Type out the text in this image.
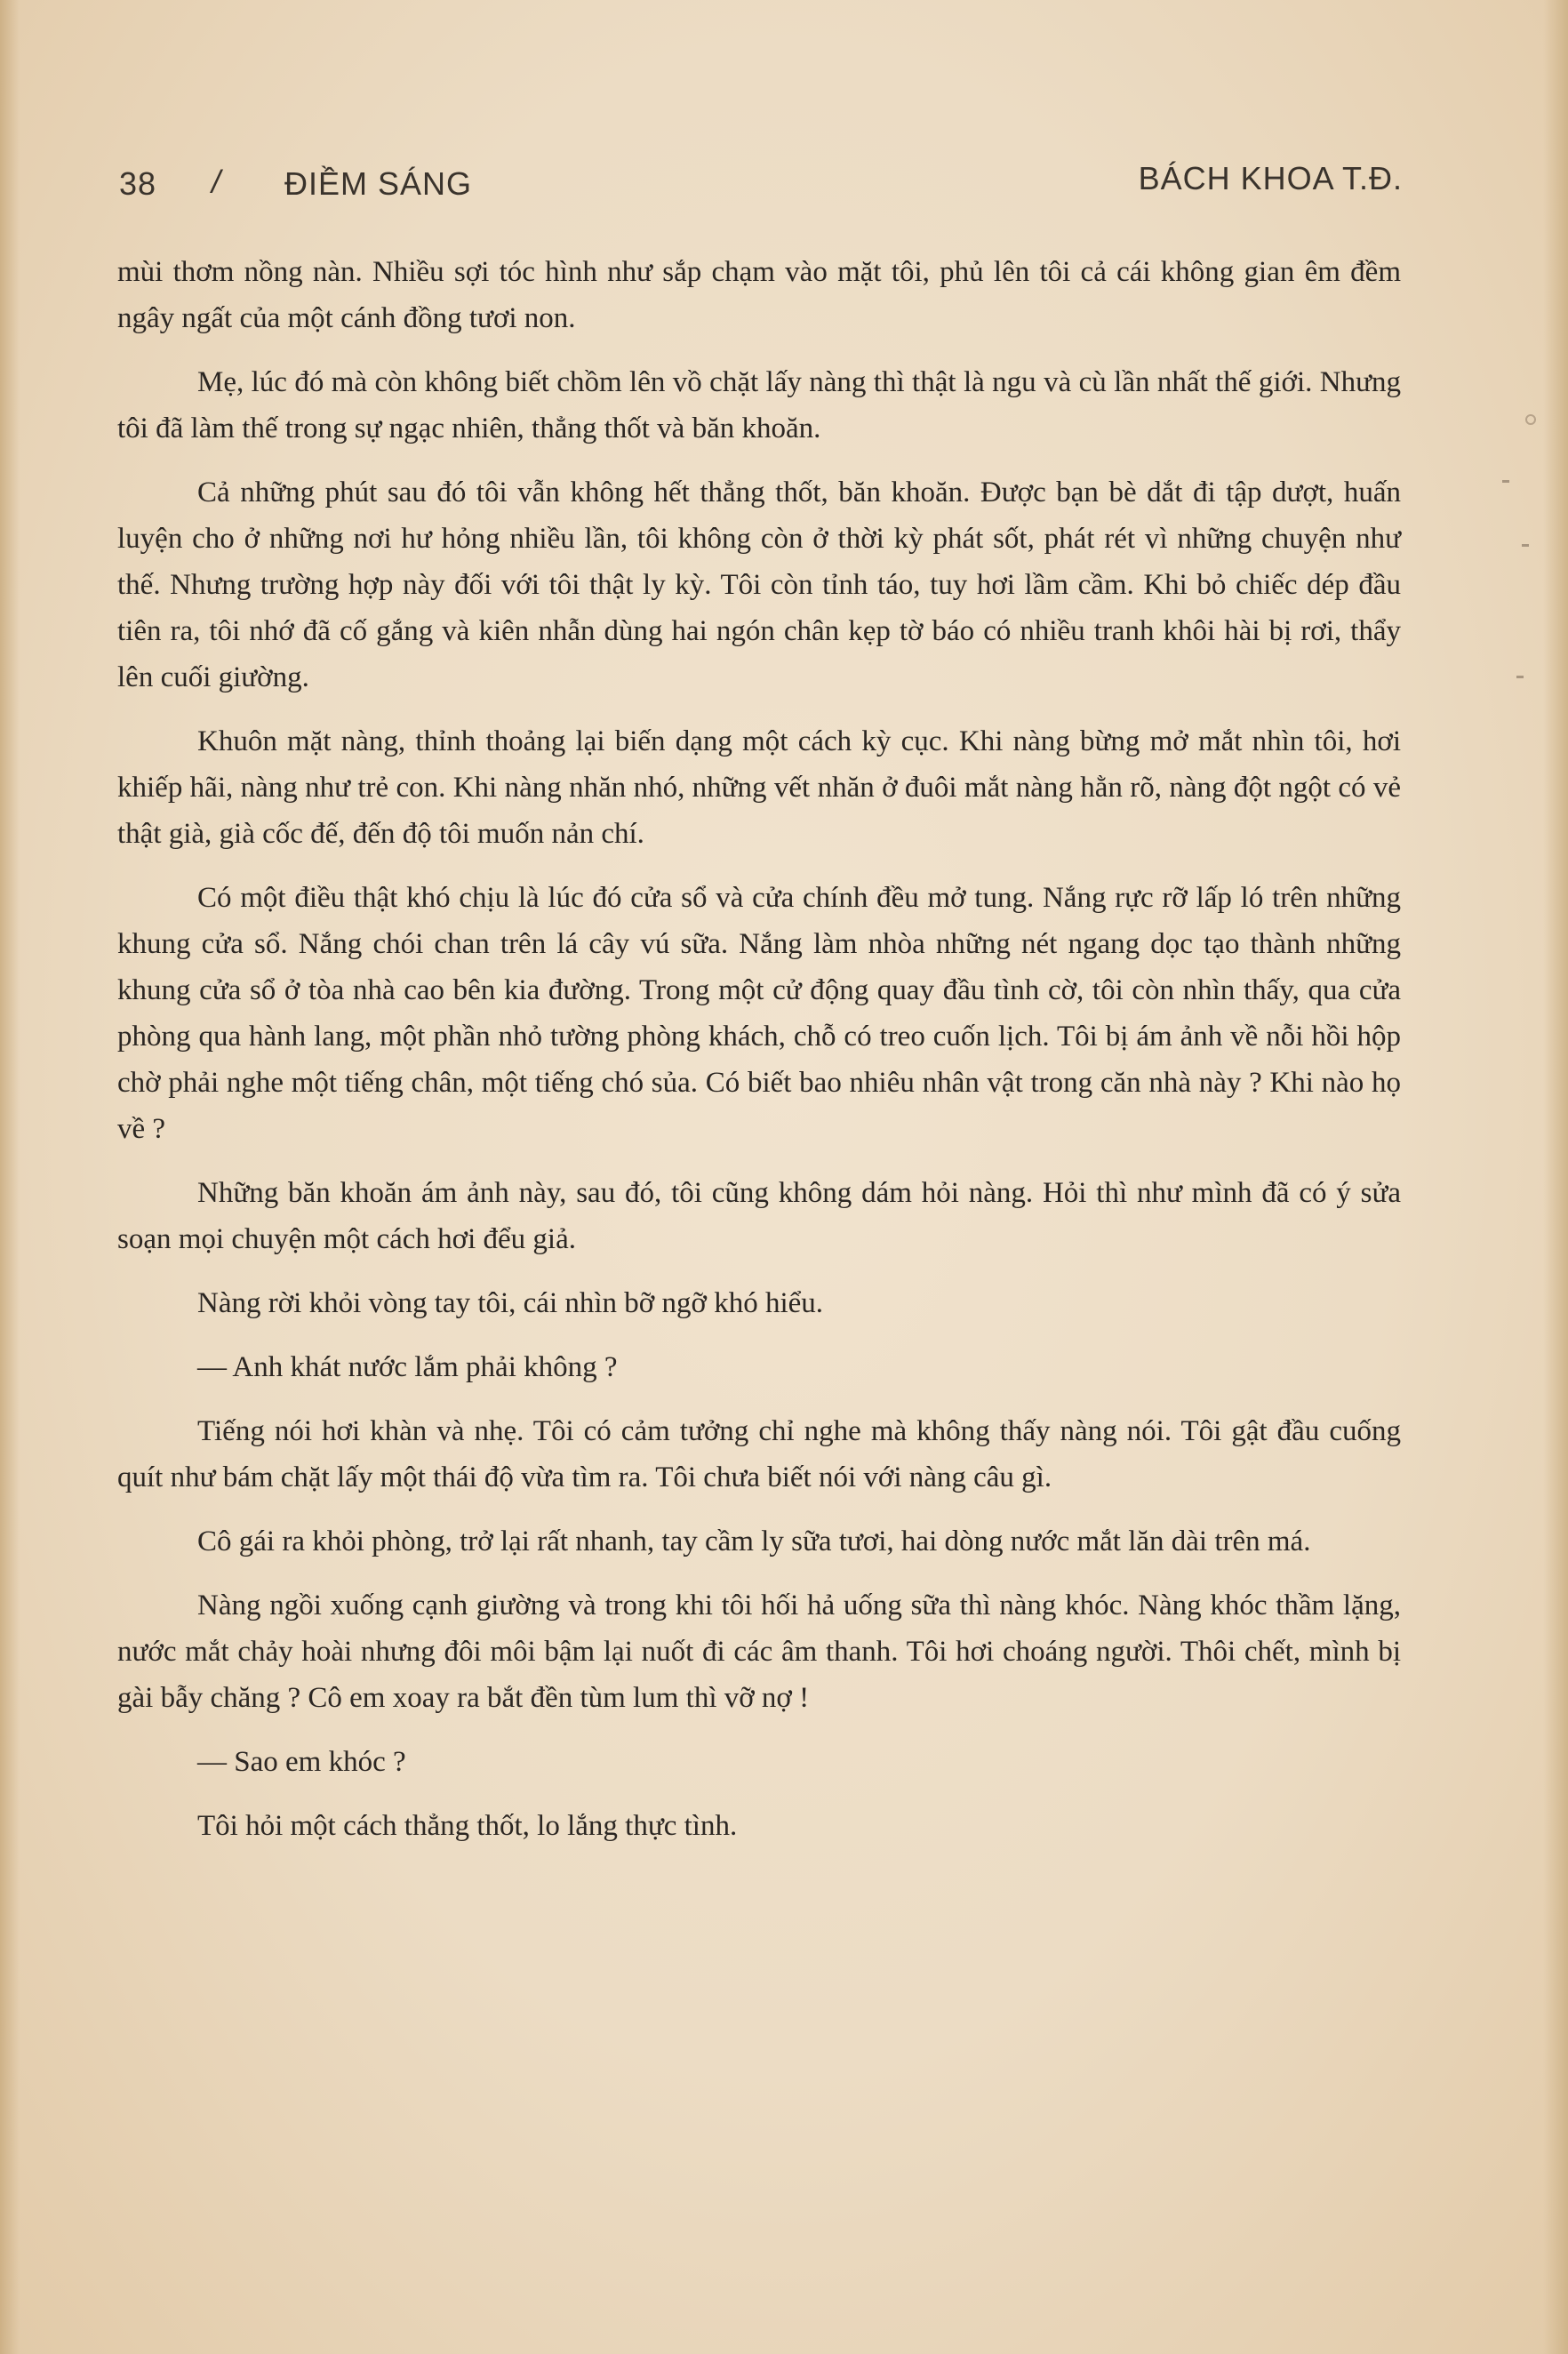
38 / ĐIỀM SÁNG	BÁCH KHOA T.Đ.

mùi thơm nồng nàn. Nhiều sợi tóc hình như sắp chạm vào mặt tôi, phủ lên tôi cả cái không gian êm đềm ngây ngất của một cánh đồng tươi non.

Mẹ, lúc đó mà còn không biết chồm lên vồ chặt lấy nàng thì thật là ngu và cù lần nhất thế giới. Nhưng tôi đã làm thế trong sự ngạc nhiên, thẳng thốt và băn khoăn.

Cả những phút sau đó tôi vẫn không hết thẳng thốt, băn khoăn. Được bạn bè dắt đi tập dượt, huấn luyện cho ở những nơi hư hỏng nhiều lần, tôi không còn ở thời kỳ phát sốt, phát rét vì những chuyện như thế. Nhưng trường hợp này đối với tôi thật ly kỳ. Tôi còn tỉnh táo, tuy hơi lầm cầm. Khi bỏ chiếc dép đầu tiên ra, tôi nhớ đã cố gắng và kiên nhẫn dùng hai ngón chân kẹp tờ báo có nhiều tranh khôi hài bị rơi, thẩy lên cuối giường.

Khuôn mặt nàng, thỉnh thoảng lại biến dạng một cách kỳ cục. Khi nàng bừng mở mắt nhìn tôi, hơi khiếp hãi, nàng như trẻ con. Khi nàng nhăn nhó, những vết nhăn ở đuôi mắt nàng hằn rõ, nàng đột ngột có vẻ thật già, già cốc đế, đến độ tôi muốn nản chí.

Có một điều thật khó chịu là lúc đó cửa sổ và cửa chính đều mở tung. Nắng rực rỡ lấp ló trên những khung cửa sổ. Nắng chói chan trên lá cây vú sữa. Nắng làm nhòa những nét ngang dọc tạo thành những khung cửa sổ ở tòa nhà cao bên kia đường. Trong một cử động quay đầu tình cờ, tôi còn nhìn thấy, qua cửa phòng qua hành lang, một phần nhỏ tường phòng khách, chỗ có treo cuốn lịch. Tôi bị ám ảnh về nỗi hồi hộp chờ phải nghe một tiếng chân, một tiếng chó sủa. Có biết bao nhiêu nhân vật trong căn nhà này ? Khi nào họ về ?

Những băn khoăn ám ảnh này, sau đó, tôi cũng không dám hỏi nàng. Hỏi thì như mình đã có ý sửa soạn mọi chuyện một cách hơi đểu giả.

Nàng rời khỏi vòng tay tôi, cái nhìn bỡ ngỡ khó hiểu.

— Anh khát nước lắm phải không ?

Tiếng nói hơi khàn và nhẹ. Tôi có cảm tưởng chỉ nghe mà không thấy nàng nói. Tôi gật đầu cuống quít như bám chặt lấy một thái độ vừa tìm ra. Tôi chưa biết nói với nàng câu gì.

Cô gái ra khỏi phòng, trở lại rất nhanh, tay cầm ly sữa tươi, hai dòng nước mắt lăn dài trên má.

Nàng ngồi xuống cạnh giường và trong khi tôi hối hả uống sữa thì nàng khóc. Nàng khóc thầm lặng, nước mắt chảy hoài nhưng đôi môi bậm lại nuốt đi các âm thanh. Tôi hơi choáng người. Thôi chết, mình bị gài bẫy chăng ? Cô em xoay ra bắt đền tùm lum thì vỡ nợ !

— Sao em khóc ?

Tôi hỏi một cách thẳng thốt, lo lắng thực tình.
